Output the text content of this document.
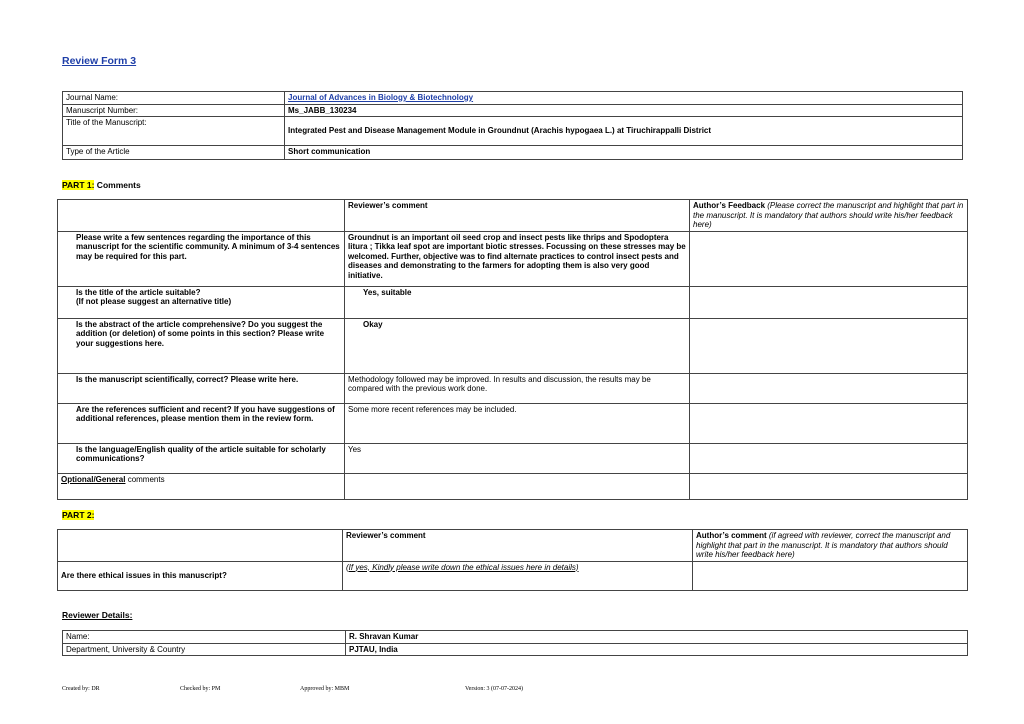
Review Form 3
Journal Name:	Journal of Advances in Biology & Biotechnology
Manuscript Number:	Ms_JABB_130234
Title of the Manuscript:	Integrated Pest and Disease Management Module in Groundnut (Arachis hypogaea L.) at Tiruchirappalli District
Type of the Article	Short communication
PART 1: Comments
	Reviewer’s comment	Author’s Feedback (Please correct the manuscript and highlight that part in the manuscript. It is mandatory that authors should write his/her feedback here)
Please write a few sentences regarding the importance of this manuscript for the scientific community. A minimum of 3-4 sentences may be required for this part.	Groundnut is an important oil seed crop and insect pests like thrips and Spodoptera litura ; Tikka leaf spot are important biotic stresses. Focussing on these stresses may be welcomed. Further, objective was to find alternate practices to control insect pests and diseases and demonstrating to the farmers for adopting them is also very good initiative.	
Is the title of the article suitable?
(If not please suggest an alternative title)	Yes, suitable	
Is the abstract of the article comprehensive? Do you suggest the addition (or deletion) of some points in this section? Please write your suggestions here.	Okay	
Is the manuscript scientifically, correct? Please write here.	Methodology followed may be improved. In results and discussion, the results may be compared with the previous work done.	
Are the references sufficient and recent? If you have suggestions of additional references, please mention them in the review form.	Some more recent references may be included.	
Is the language/English quality of the article suitable for scholarly communications?	Yes	
Optional/General comments		
PART 2:
	Reviewer’s comment	Author’s comment (if agreed with reviewer, correct the manuscript and highlight that part in the manuscript. It is mandatory that authors should write his/her feedback here)
Are there ethical issues in this manuscript?	(If yes, Kindly please write down the ethical issues here in details)	
Reviewer Details:
Name:	R. Shravan Kumar
Department, University & Country	PJTAU, India
Created by: DR	Checked by: PM	Approved by: MBM	Version: 3 (07-07-2024)
